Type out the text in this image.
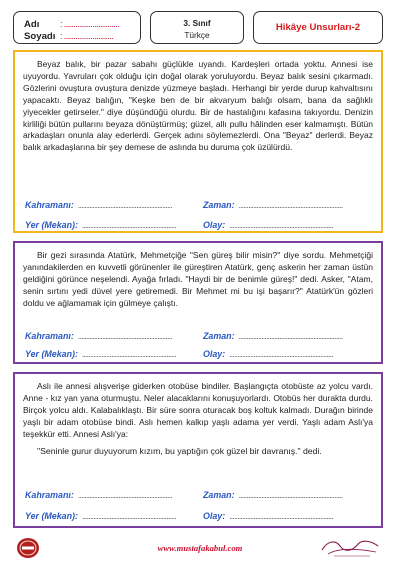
Adı	: .............................
Soyadı : ..........................
3. Sınıf
Türkçe
Hikâye Unsurları-2

Beyaz balık, bir pazar sabahı güçlükle uyandı. Kardeşleri ortada yoktu. Annesi ise uyuyordu. Yavruları çok olduğu için doğal olarak yoruluyordu. Beyaz balık sesini çıkarmadı. Gözlerini ovuştura ovuştura denizde yüzmeye başladı. Herhangi bir yerde durup kahvaltısını yapacaktı. Beyaz balığın, "Keşke ben de bir akvaryum balığı olsam, bana da sağlıklı yiyecekler getirseler." diye düşündüğü olurdu. Bir de hastalığını kafasına takıyordu. Denizin kirliliği bütün pullarını beyaza dönüştürmüş; güzel, allı pullu hâlinden eser kalmamıştı. Bütün arkadaşları onunla alay ederlerdi. Gerçek adını söylemezlerdi. Ona "Beyaz" derlerdi. Beyaz balık arkadaşlarına bir şey demese de aslında bu duruma çok üzülürdü.

Kahramanı: ..........................................................	Zaman: ................................................................
Yer (Mekan): ..........................................................	Olay: ................................................................

Bir gezi sırasında Atatürk, Mehmetçiğe "Sen güreş bilir misin?" diye sordu. Mehmetçiği yanındakilerden en kuvvetli görünenler ile güreştiren Atatürk, genç askerin her zaman üstün geldiğini görünce neşelendi. Ayağa fırladı. "Haydi bir de benimle güreş!" dedi. Asker, "Atam, senin sırtını yedi düvel yere getiremedi. Bir Mehmet mi bu işi başarır?" Atatürk'ün gözleri doldu ve ağlamamak için gülmeye çalıştı.

Kahramanı: ..........................................................	Zaman: ................................................................
Yer (Mekan): ..........................................................	Olay: ................................................................

Aslı ile annesi alışverişe giderken otobüse bindiler. Başlangıçta otobüste az yolcu vardı. Anne - kız yan yana oturmuştu. Neler alacaklarını konuşuyorlardı. Otobüs her durakta durdu. Birçok yolcu aldı. Kalabalıklaştı. Bir süre sonra oturacak boş koltuk kalmadı. Durağın birinde yaşlı bir adam otobüse bindi. Aslı hemen kalkıp yaşlı adama yer verdi. Yaşlı adam Aslı'ya teşekkür etti. Annesi Aslı'ya:

"Seninle gurur duyuyorum kızım, bu yaptığın çok güzel bir davranış." dedi.
Kahramanı: ..........................................................	Zaman: ................................................................
Yer (Mekan): ..........................................................	Olay: ................................................................
www.mustafakabul.com
